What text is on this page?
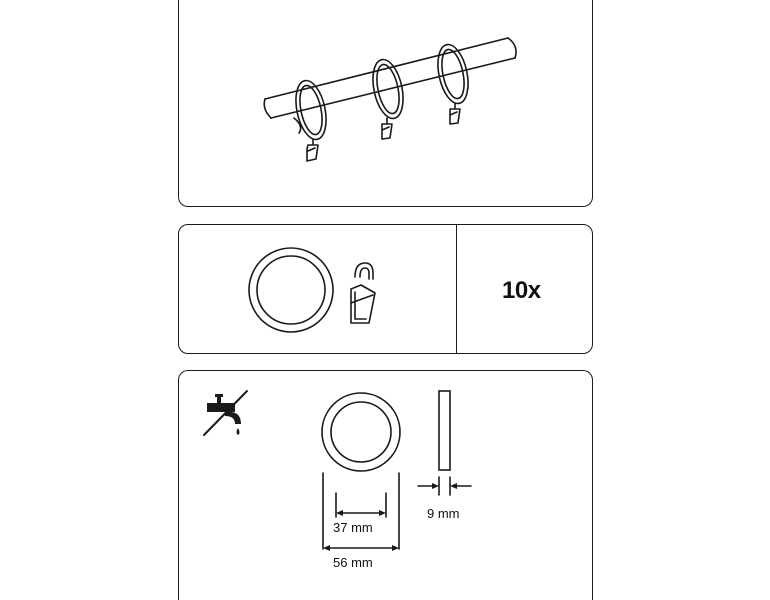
10x
37 mm
56 mm
9 mm
